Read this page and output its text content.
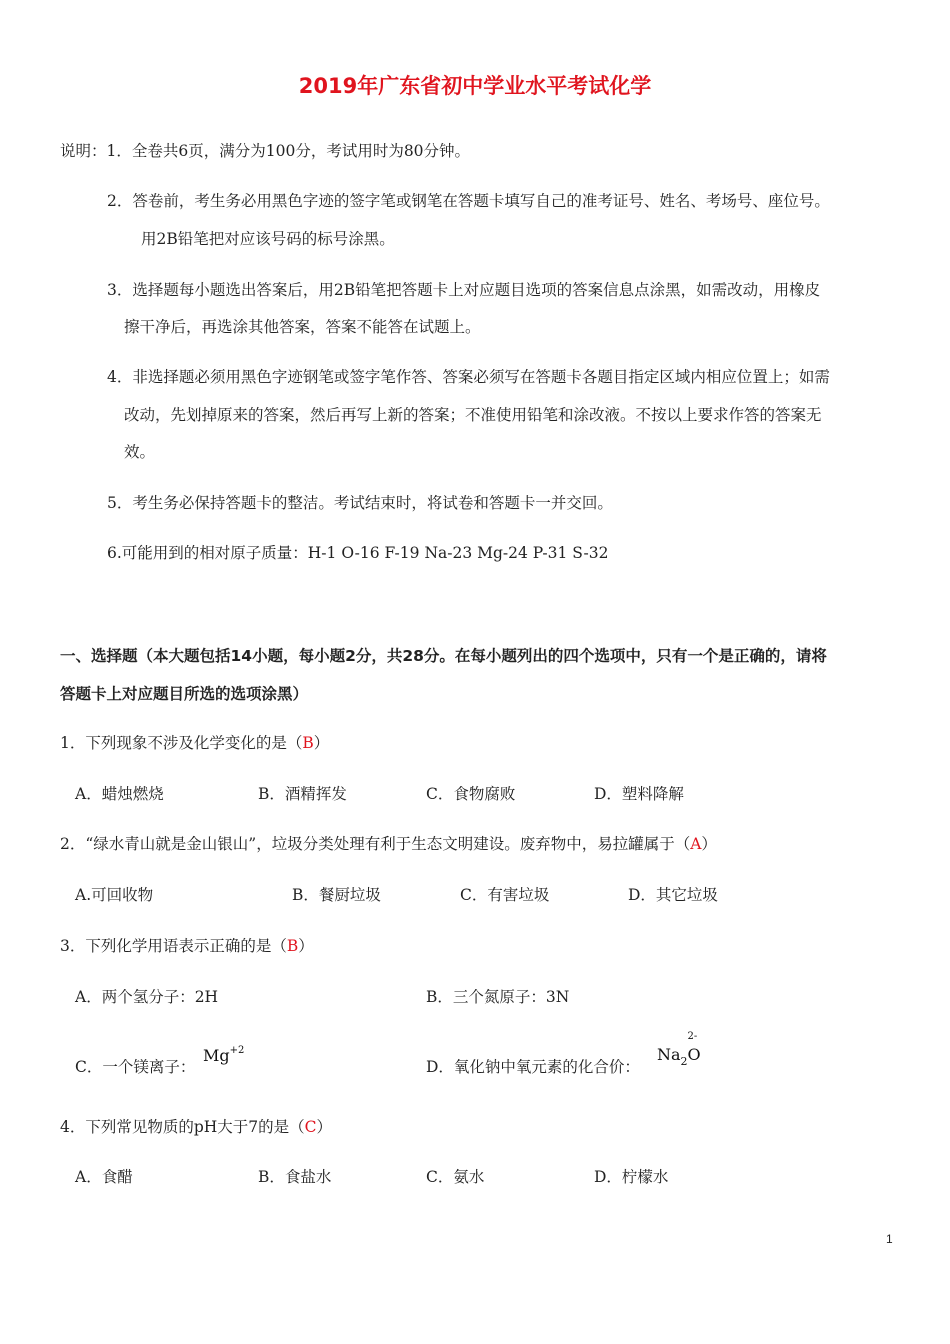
2019年广东省初中学业水平考试化学
说明：1．全卷共6页，满分为100分，考试用时为80分钟。
2．答卷前，考生务必用黑色字迹的签字笔或钢笔在答题卡填写自己的准考证号、姓名、考场号、座位号。
用2B铅笔把对应该号码的标号涂黑。
3．选择题每小题选出答案后，用2B铅笔把答题卡上对应题目选项的答案信息点涂黑，如需改动，用橡皮
擦干净后，再选涂其他答案，答案不能答在试题上。
4．非选择题必须用黑色字迹钢笔或签字笔作答、答案必须写在答题卡各题目指定区域内相应位置上；如需
改动，先划掉原来的答案，然后再写上新的答案；不准使用铅笔和涂改液。不按以上要求作答的答案无
效。
5．考生务必保持答题卡的整洁。考试结束时，将试卷和答题卡一并交回。
6.可能用到的相对原子质量：H-1 O-16 F-19 Na-23 Mg-24 P-31 S-32
一、选择题（本大题包括14小题，每小题2分，共28分。在每小题列出的四个选项中，只有一个是正确的，请将
答题卡上对应题目所选的选项涂黑）
1．下列现象不涉及化学变化的是（B）
A．蜡烛燃烧	B．酒精挥发	C．食物腐败	D．塑料降解
2．“绿水青山就是金山银山”，垃圾分类处理有利于生态文明建设。废弃物中，易拉罐属于（A）
A.可回收物	B．餐厨垃圾	C．有害垃圾	D．其它垃圾
3．下列化学用语表示正确的是（B）
A．两个氢分子：2H	B．三个氮原子：3N
C．一个镁离子：
$Mg^{+2}$
D．氧化钠中氧元素的化合价：
$Na_2O$
2-
4．下列常见物质的pH大于7的是（C）
A．食醋	B．食盐水	C．氨水	D．柠檬水
1
